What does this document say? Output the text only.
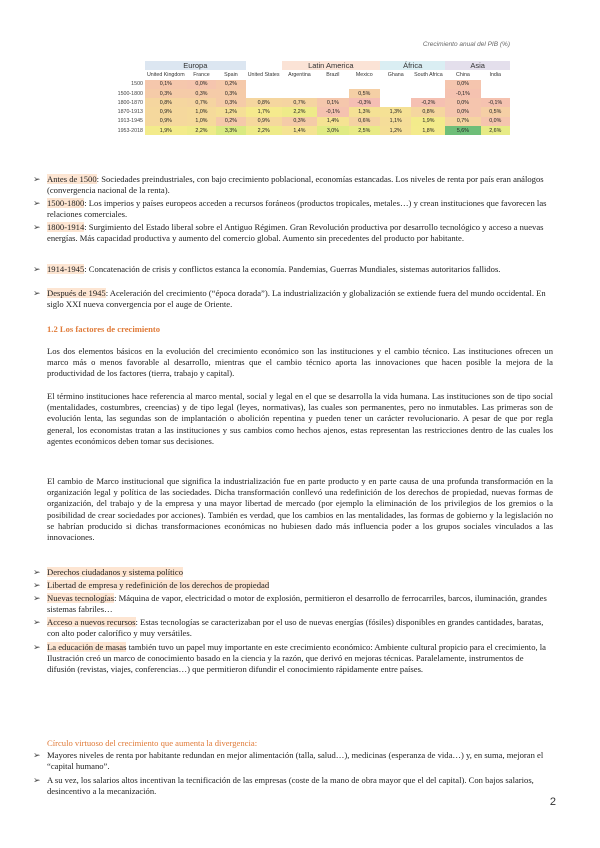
Crecimiento anual del PIB (%)
	Europa				Latin America			África		Asia	
	United Kingdom	France	Spain	United States	Argentina	Brazil	Mexico	Ghana	South Africa	China	India
1500	0,1%	0,0%	0,2%							0,0%	
1500-1800	0,3%	0,3%	0,3%				0,5%			-0,1%	
1800-1870	0,8%	0,7%	0,3%	0,8%	0,7%	0,1%	-0,3%		-0,2%	0,0%	-0,1%
1870-1913	0,9%	1,0%	1,2%	1,7%	2,2%	-0,1%	1,3%	1,3%	0,8%	0,0%	0,5%
1913-1945	0,9%	1,0%	0,2%	0,9%	0,3%	1,4%	0,6%	1,1%	1,9%	0,7%	0,0%
1953-2018	1,9%	2,2%	3,3%	2,2%	1,4%	3,0%	2,5%	1,2%	1,8%	5,6%	2,6%
➢ Antes de 1500: Sociedades preindustriales, con bajo crecimiento poblacional, economías estancadas. Los niveles de renta por país eran análogos (convergencia nacional de la renta).
➢ 1500-1800: Los imperios y países europeos acceden a recursos foráneos (productos tropicales, metales…) y crean instituciones que favorecen las relaciones comerciales.
➢ 1800-1914: Surgimiento del Estado liberal sobre el Antiguo Régimen. Gran Revolución productiva por desarrollo tecnológico y acceso a nuevas energías. Más capacidad productiva y aumento del comercio global. Aumento sin precedentes del producto por habitante.
➢ 1914-1945: Concatenación de crisis y conflictos estanca la economía. Pandemias, Guerras Mundiales, sistemas autoritarios fallidos.
➢ Después de 1945: Aceleración del crecimiento (“época dorada”). La industrialización y globalización se extiende fuera del mundo occidental. En siglo XXI nueva convergencia por el auge de Oriente.
1.2 Los factores de crecimiento
Los dos elementos básicos en la evolución del crecimiento económico son las instituciones y el cambio técnico. Las instituciones ofrecen un marco más o menos favorable al desarrollo, mientras que el cambio técnico aporta las innovaciones que hacen posible la mejora de la productividad de los factores (tierra, trabajo y capital).
El término instituciones hace referencia al marco mental, social y legal en el que se desarrolla la vida humana. Las instituciones son de tipo social (mentalidades, costumbres, creencias) y de tipo legal (leyes, normativas), las cuales son permanentes, pero no inmutables. Las primeras son de evolución lenta, las segundas son de implantación o abolición repentina y pueden tener un carácter revolucionario. A pesar de que por regla general, los economistas tratan a las instituciones y sus cambios como hechos ajenos, estas representan las restricciones dentro de las cuales los agentes económicos deben tomar sus decisiones.
El cambio de Marco institucional que significa la industrialización fue en parte producto y en parte causa de una profunda transformación en la organización legal y política de las sociedades. Dicha transformación conllevó una redefinición de los derechos de propiedad, nuevas formas de organización, del trabajo y de la empresa y una mayor libertad de mercado (por ejemplo la eliminación de los privilegios de los gremios o la posibilidad de crear sociedades por acciones). También es verdad, que los cambios en las mentalidades, las formas de gobierno y la legislación no se habrían producido si dichas transformaciones económicas no hubiesen dado más influencia poder a los grupos sociales vinculados a las innovaciones.
➢ Derechos ciudadanos y sistema político
➢ Libertad de empresa y redefinición de los derechos de propiedad
➢ Nuevas tecnologías: Máquina de vapor, electricidad o motor de explosión, permitieron el desarrollo de ferrocarriles, barcos, iluminación, grandes sistemas fabriles…
➢ Acceso a nuevos recursos: Estas tecnologías se caracterizaban por el uso de nuevas energías (fósiles) disponibles en grandes cantidades, baratas, con alto poder calorífico y muy versátiles.
➢ La educación de masas también tuvo un papel muy importante en este crecimiento económico: Ambiente cultural propicio para el crecimiento, la Ilustración creó un marco de conocimiento basado en la ciencia y la razón, que derivó en mejoras técnicas. Paralelamente, instrumentos de difusión (revistas, viajes, conferencias…) que permitieron difundir el conocimiento rápidamente entre países.
Círculo virtuoso del crecimiento que aumenta la divergencia:
➢ Mayores niveles de renta por habitante redundan en mejor alimentación (talla, salud…), medicinas (esperanza de vida…) y, en suma, mejoran el “capital humano”.
➢ A su vez, los salarios altos incentivan la tecnificación de las empresas (coste de la mano de obra mayor que el del capital). Con bajos salarios, desincentivo a la mecanización.
2
